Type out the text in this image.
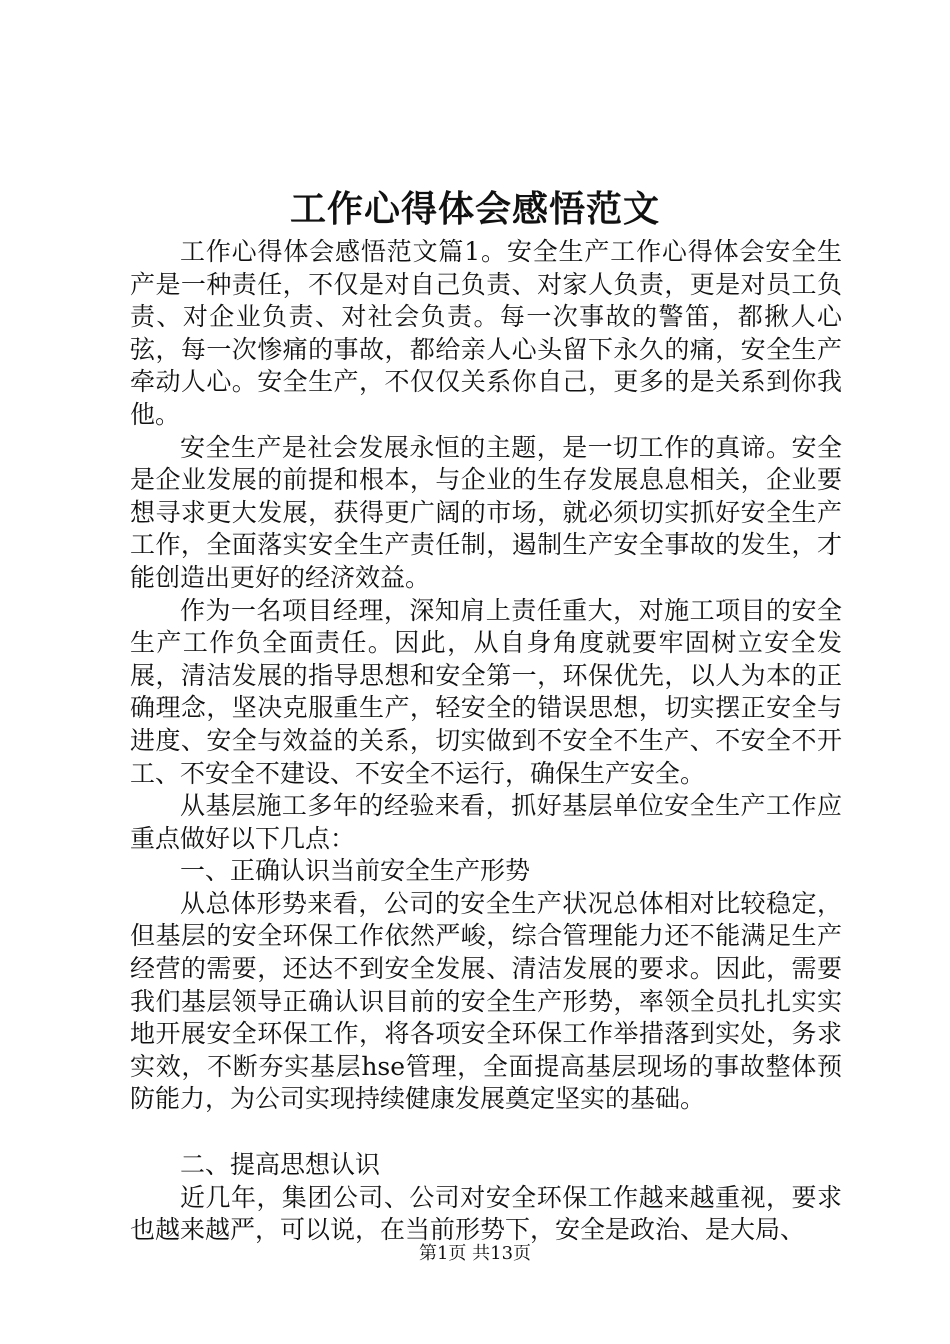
工作心得体会感悟范文

工作心得体会感悟范文篇1。安全生产工作心得体会安全生产是一种责任，不仅是对自己负责、对家人负责，更是对员工负责、对企业负责、对社会负责。每一次事故的警笛，都揪人心弦，每一次惨痛的事故，都给亲人心头留下永久的痛，安全生产牵动人心。安全生产，不仅仅关系你自己，更多的是关系到你我他。

安全生产是社会发展永恒的主题，是一切工作的真谛。安全是企业发展的前提和根本，与企业的生存发展息息相关，企业要想寻求更大发展，获得更广阔的市场，就必须切实抓好安全生产工作，全面落实安全生产责任制，遏制生产安全事故的发生，才能创造出更好的经济效益。

作为一名项目经理，深知肩上责任重大，对施工项目的安全生产工作负全面责任。因此，从自身角度就要牢固树立安全发展，清洁发展的指导思想和安全第一，环保优先，以人为本的正确理念，坚决克服重生产，轻安全的错误思想，切实摆正安全与进度、安全与效益的关系，切实做到不安全不生产、不安全不开工、不安全不建设、不安全不运行，确保生产安全。

从基层施工多年的经验来看，抓好基层单位安全生产工作应重点做好以下几点：

一、正确认识当前安全生产形势

从总体形势来看，公司的安全生产状况总体相对比较稳定，但基层的安全环保工作依然严峻，综合管理能力还不能满足生产经营的需要，还达不到安全发展、清洁发展的要求。因此，需要我们基层领导正确认识目前的安全生产形势，率领全员扎扎实实地开展安全环保工作，将各项安全环保工作举措落到实处，务求实效，不断夯实基层hse管理，全面提高基层现场的事故整体预防能力，为公司实现持续健康发展奠定坚实的基础。

二、提高思想认识

近几年，集团公司、公司对安全环保工作越来越重视，要求也越来越严，可以说，在当前形势下，安全是政治、是大局、

第1页 共13页
